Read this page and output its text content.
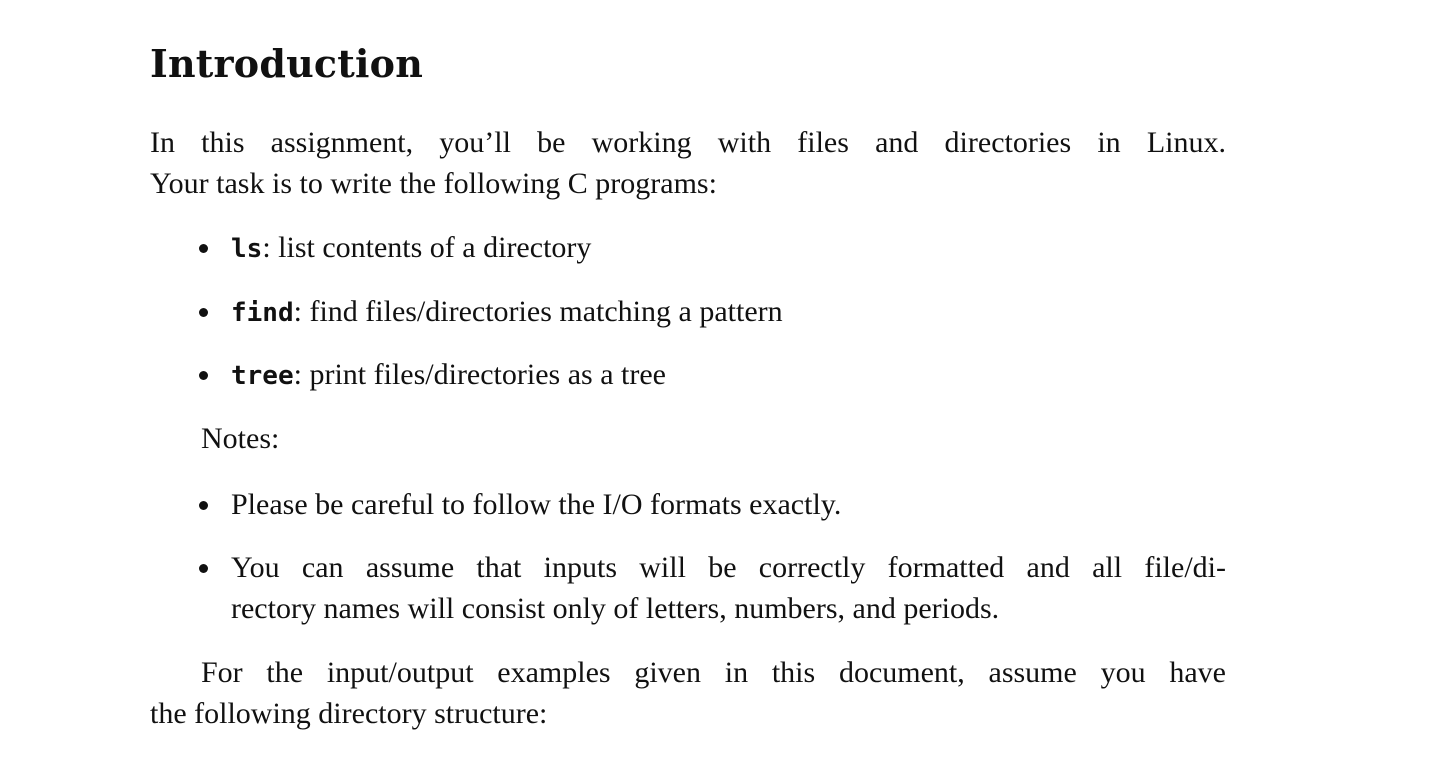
Introduction
In this assignment, you’ll be working with files and directories in Linux.
Your task is to write the following C programs:
ls: list contents of a directory
find: find files/directories matching a pattern
tree: print files/directories as a tree

Notes:

Please be careful to follow the I/O formats exactly.
You can assume that inputs will be correctly formatted and all file/di-
rectory names will consist only of letters, numbers, and periods.
For the input/output examples given in this document, assume you have
the following directory structure:
